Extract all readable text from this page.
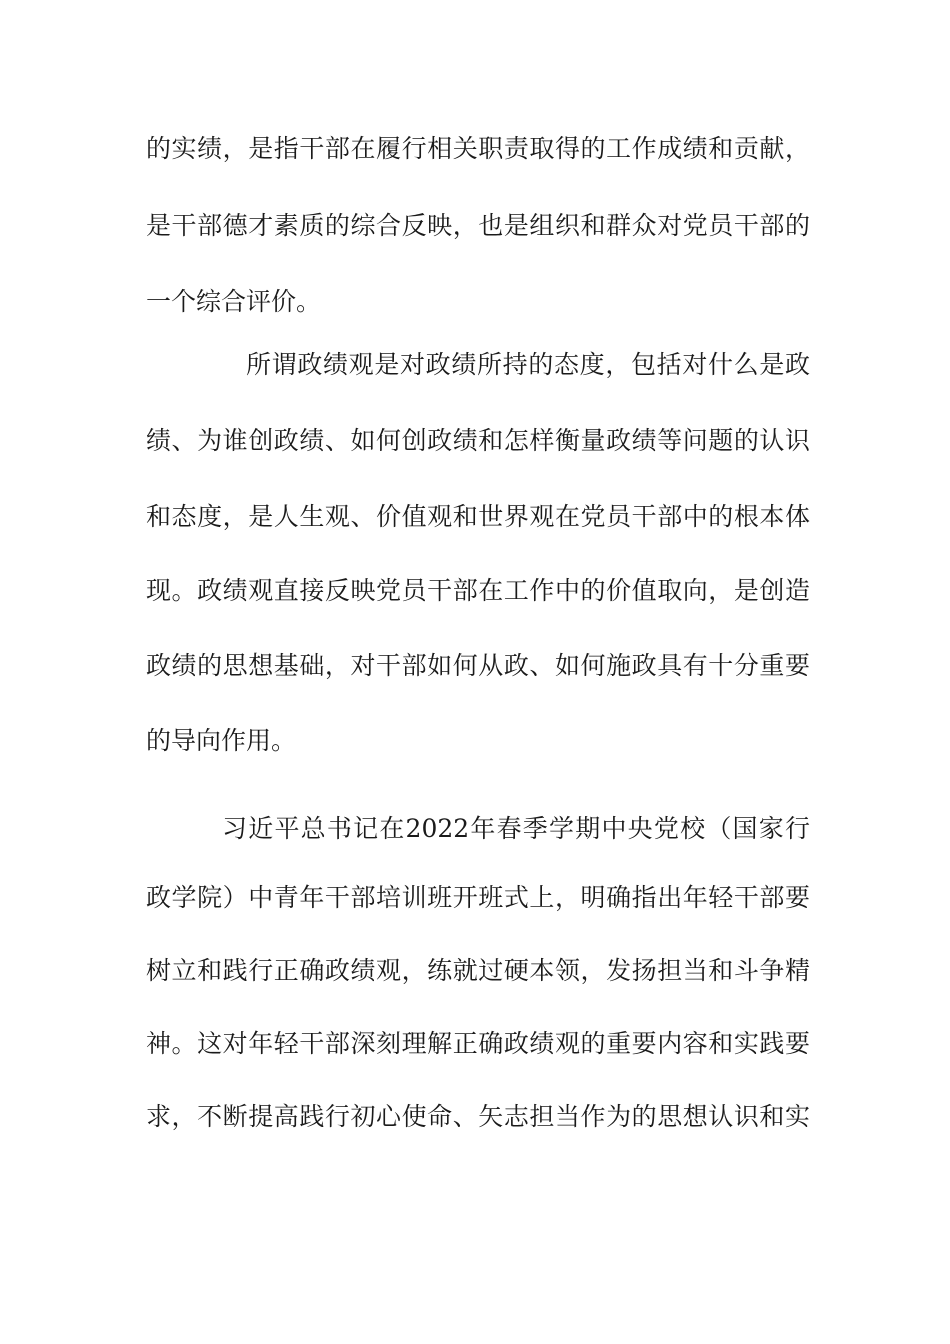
的实绩，是指干部在履行相关职责取得的工作成绩和贡献，
是干部德才素质的综合反映，也是组织和群众对党员干部的
一个综合评价。
所谓政绩观是对政绩所持的态度，包括对什么是政
绩、为谁创政绩、如何创政绩和怎样衡量政绩等问题的认识
和态度，是人生观、价值观和世界观在党员干部中的根本体
现。政绩观直接反映党员干部在工作中的价值取向，是创造
政绩的思想基础，对干部如何从政、如何施政具有十分重要
的导向作用。
习近平总书记在2022年春季学期中央党校（国家行
政学院）中青年干部培训班开班式上，明确指出年轻干部要
树立和践行正确政绩观，练就过硬本领，发扬担当和斗争精
神。这对年轻干部深刻理解正确政绩观的重要内容和实践要
求，不断提高践行初心使命、矢志担当作为的思想认识和实
